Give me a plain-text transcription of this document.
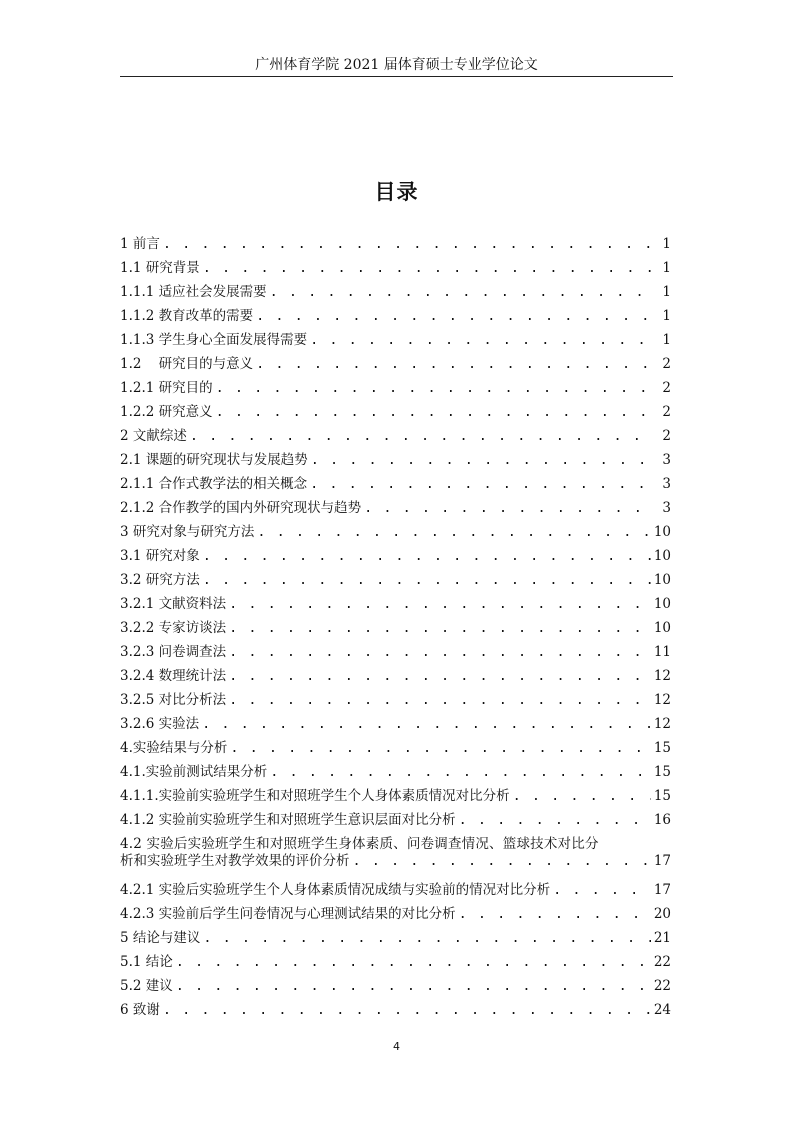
广州体育学院 2021 届体育硕士专业学位论文
目录
1 前言 . . .	1
1.1 研究背景 . . .	1
1.1.1 适应社会发展需要 . . .	1
1.1.2 教育改革的需要 . . .	1
1.1.3 学生身心全面发展得需要 . . .	1
1.2    研究目的与意义 . . .	2
1.2.1 研究目的 . . .	2
1.2.2 研究意义 . . .	2
2 文献综述 . . .	2
2.1 课题的研究现状与发展趋势 . . .	3
2.1.1 合作式教学法的相关概念 . . .	3
2.1.2 合作教学的国内外研究现状与趋势 . . .	3
3 研究对象与研究方法 . . .	10
3.1 研究对象 . . .	10
3.2 研究方法 . . .	10
3.2.1 文献资料法 . . .	10
3.2.2 专家访谈法 . . .	10
3.2.3 问卷调查法 . . .	11
3.2.4 数理统计法 . . .	12
3.2.5 对比分析法 . . .	12
3.2.6 实验法 . . .	12
4.实验结果与分析 . . .	15
4.1.实验前测试结果分析 . . .	15
4.1.1.实验前实验班学生和对照班学生个人身体素质情况对比分析 . . .	15
4.1.2 实验前实验班学生和对照班学生意识层面对比分析 . . .	16
4.2 实验后实验班学生和对照班学生身体素质、问卷调查情况、篮球技术对比分
析和实验班学生对教学效果的评价分析 . . .	17
4.2.1 实验后实验班学生个人身体素质情况成绩与实验前的情况对比分析 . . .	17
4.2.3 实验前后学生问卷情况与心理测试结果的对比分析 . . .	20
5 结论与建议 . . .	21
5.1 结论 . . .	22
5.2 建议 . . .	22
6 致谢 . . .	24
4
